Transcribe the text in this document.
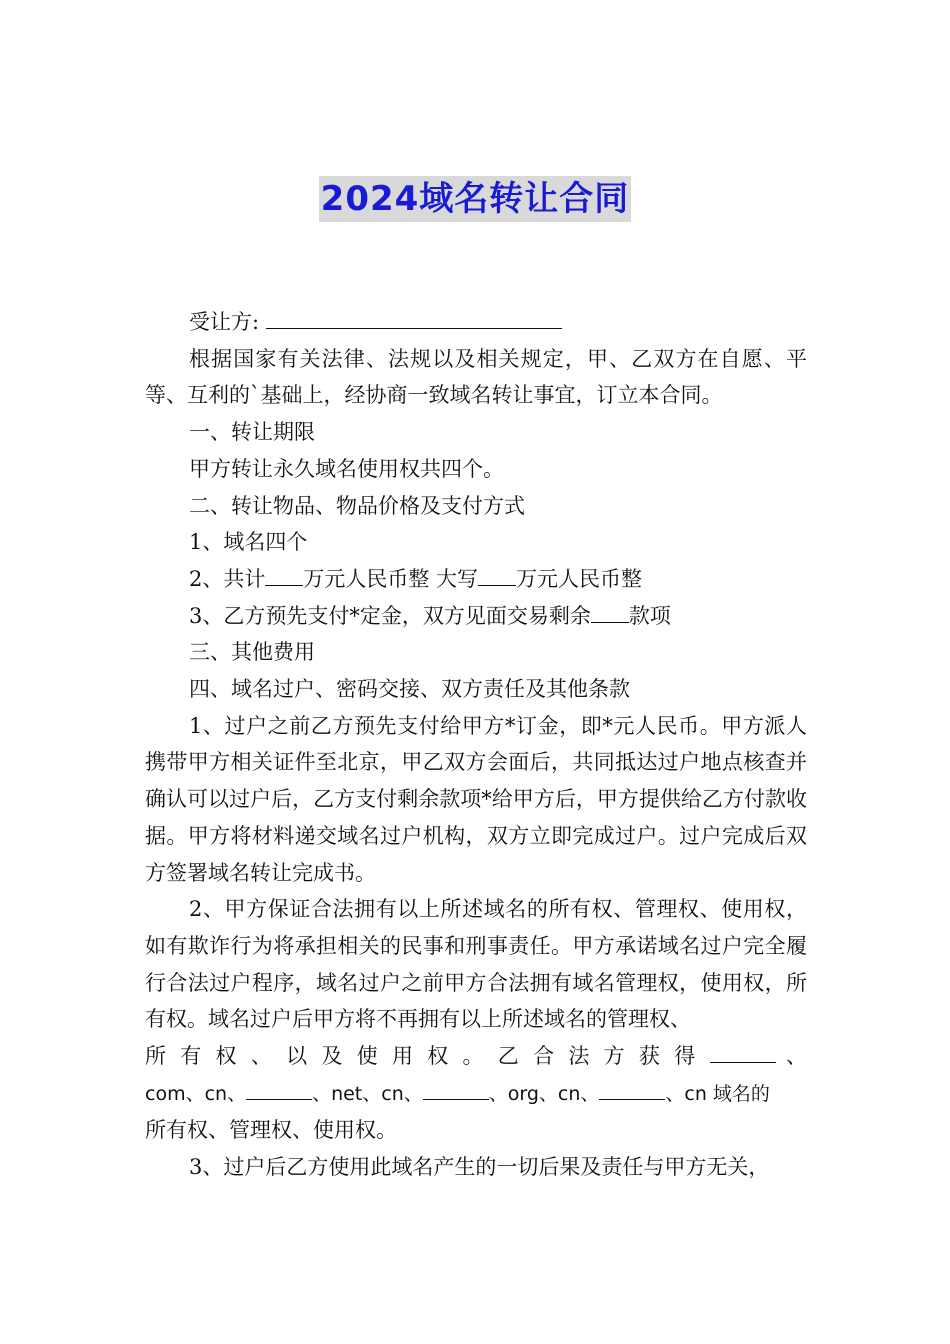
2024域名转让合同

受让方:

根据国家有关法律、法规以及相关规定，甲、乙双方在自愿、平等、互利的`基础上，经协商一致域名转让事宜，订立本合同。

一、转让期限

甲方转让永久域名使用权共四个。

二、转让物品、物品价格及支付方式

1、域名四个

2、共计 万元人民币整 大写 万元人民币整

3、乙方预先支付*定金，双方见面交易剩余 款项

三、其他费用

四、域名过户、密码交接、双方责任及其他条款

1、过户之前乙方预先支付给甲方*订金，即*元人民币。甲方派人携带甲方相关证件至北京，甲乙双方会面后，共同抵达过户地点核查并确认可以过户后，乙方支付剩余款项*给甲方后，甲方提供给乙方付款收据。甲方将材料递交域名过户机构，双方立即完成过户。过户完成后双方签署域名转让完成书。

2、甲方保证合法拥有以上所述域名的所有权、管理权、使用权，如有欺诈行为将承担相关的民事和刑事责任。甲方承诺域名过户完全履行合法过户程序，域名过户之前甲方合法拥有域名管理权，使用权，所有权。域名过户后甲方将不再拥有以上所述域名的管理权、

所 有 权 、 以 及 使 用 权 。 乙 合 法 方 获 得	、

com、cn、	、net、cn、	、org、cn、	、cn 域名的

所有权、管理权、使用权。

3、过户后乙方使用此域名产生的一切后果及责任与甲方无关，
